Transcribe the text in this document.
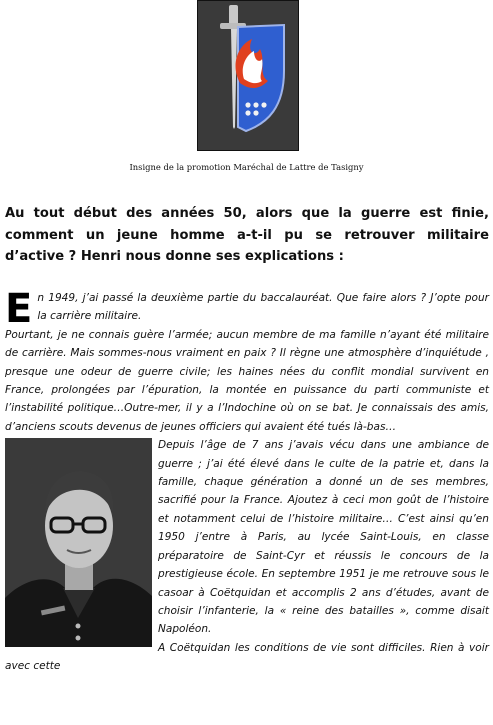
Insigne de la promotion Maréchal de Lattre de Tasigny
Au tout début des années 50, alors que la guerre est finie, comment un jeune homme a-t-il pu se retrouver militaire d’active ? Henri nous donne ses explications :

En 1949, j’ai passé la deuxième partie du baccalauréat. Que faire alors ? J’opte pour la carrière militaire.

Pourtant, je ne connais guère l’armée; aucun membre de ma famille n’ayant été militaire de carrière. Mais sommes-nous vraiment en paix ? Il règne une atmosphère d’inquiétude , presque une odeur de guerre civile; les haines nées du conflit mondial survivent en France, prolongées par l’épuration, la montée en puissance du parti communiste et l’instabilité politique…Outre-mer, il y a l’Indochine où on se bat. Je connaissais des amis, d’anciens scouts devenus de jeunes officiers qui avaient été tués là-bas…

Depuis l’âge de 7 ans j’avais vécu dans une ambiance de guerre ; j’ai été élevé dans le culte de la patrie et, dans la famille, chaque génération a donné un de ses membres, sacrifié pour la France. Ajoutez à ceci mon goût de l’histoire et notamment celui de l’histoire militaire… C’est ainsi qu’en 1950 j’entre à Paris, au lycée Saint-Louis, en classe préparatoire de Saint-Cyr et réussis le concours de la prestigieuse école. En septembre 1951 je me retrouve sous le casoar à Coëtquidan et accomplis 2 ans d’études, avant de choisir l’infanterie, la « reine des batailles », comme disait Napoléon.

A Coëtquidan les conditions de vie sont difficiles. Rien à voir avec cette
